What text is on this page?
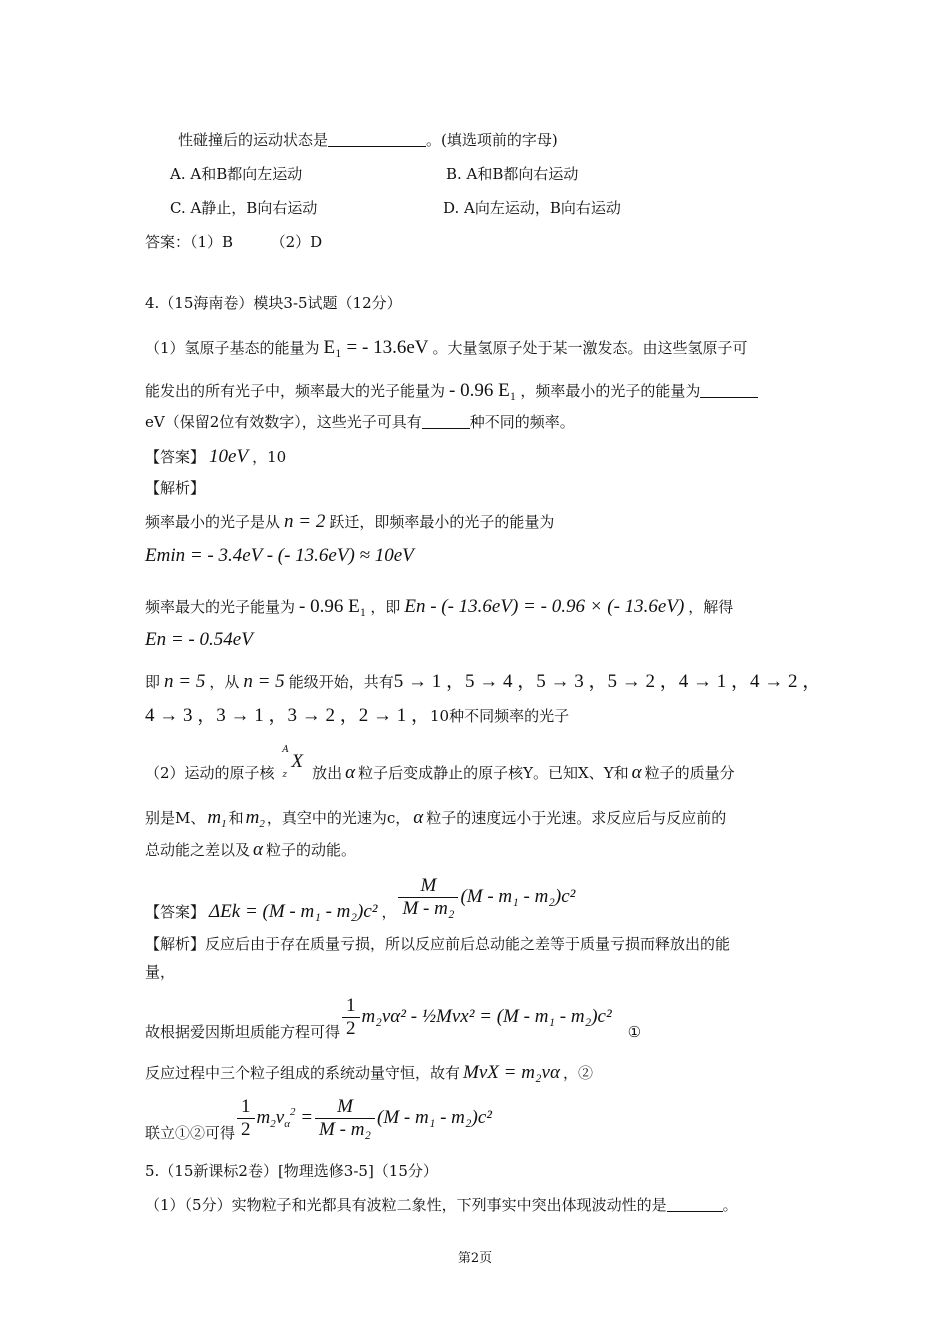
性碰撞后的运动状态是	。(填选项前的字母)
A. A和B都向左运动	B. A和B都向右运动
C. A静止，B向右运动	D. A向左运动，B向右运动
答案：（1）B　　　（2）D
4.（15海南卷）模块3-5试题（12分）
（1）氢原子基态的能量为 E₁ = - 13.6eV 。大量氢原子处于某一激发态。由这些氢原子可
能发出的所有光子中，频率最大的光子能量为 - 0.96 E₁ ，频率最小的光子的能量为
eV（保留2位有效数字），这些光子可具有	种不同的频率。
【答案】 10eV ，10
【解析】
频率最小的光子是从 n = 2 跃迁，即频率最小的光子的能量为
Emin = - 3.4eV - (- 13.6eV) ≈ 10eV
频率最大的光子能量为 - 0.96 E₁ ，即 En - (- 13.6eV) = - 0.96 × (- 13.6eV) ，解得
En = - 0.54eV
即 n = 5 ，从 n = 5 能级开始，共有5 → 1 ，5 → 4 ，5 → 3 ，5 → 2 ，4 → 1 ，4 → 2 ，
4 → 3 ，3 → 1 ，3 → 2 ，2 → 1 ，10种不同频率的光子
（2）运动的原子核
A
z
X
放出 α 粒子后变成静止的原子核Y。已知X、Y和 α 粒子的质量分
别是M、 $m_1$ 和 $m_2$ ，真空中的光速为c， α 粒子的速度远小于光速。求反应后与反应前的
总动能之差以及 α 粒子的动能。
【答案】 ΔEk = (M - m₁ - m₂)c² ， $\frac{M}{\text{M - m₂}} (M - m_1 - m_2)c^2$
【解析】反应后由于存在质量亏损，所以反应前后总动能之差等于质量亏损而释放出的能
量，
故根据爱因斯坦质能方程可得 $\frac{1}{2} m_2v\alpha^2$ - ½Mvx² = (M - m₁ - m₂)c²
①
反应过程中三个粒子组成的系统动量守恒，故有 MvX = m₂vα ，②
联立①②可得 $\frac{1}{2} m_2v_\alpha^2 = \frac{M}{\text{M - m₂}} (M - m_1 - m_2)c^2$
5.（15新课标2卷）[物理选修3-5]（15分）
（1）（5分）实物粒子和光都具有波粒二象性，下列事实中突出体现波动性的是	。
第2页
